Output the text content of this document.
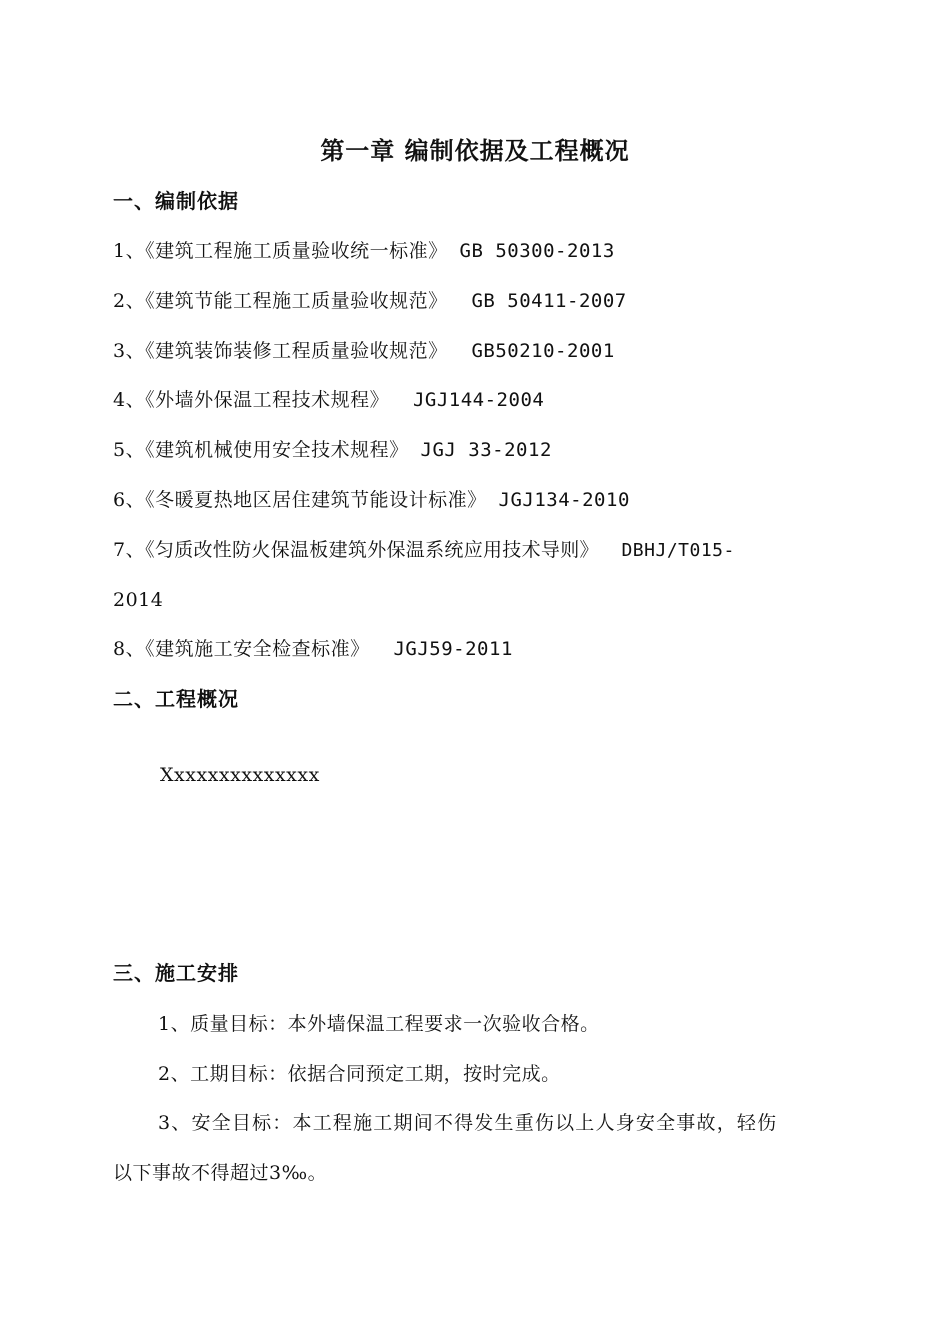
第一章 编制依据及工程概况
一、编制依据
1、《建筑工程施工质量验收统一标准》 GB 50300-2013
2、《建筑节能工程施工质量验收规范》  GB 50411-2007
3、《建筑装饰装修工程质量验收规范》  GB50210-2001
4、《外墙外保温工程技术规程》  JGJ144-2004
5、《建筑机械使用安全技术规程》 JGJ 33-2012
6、《冬暖夏热地区居住建筑节能设计标准》 JGJ134-2010
7、《匀质改性防火保温板建筑外保温系统应用技术导则》  DBHJ/T015-
2014
8、《建筑施工安全检查标准》  JGJ59-2011
二、工程概况
Xxxxxxxxxxxxxx
三、施工安排
1、质量目标：本外墙保温工程要求一次验收合格。
2、工期目标：依据合同预定工期，按时完成。
3、安全目标：本工程施工期间不得发生重伤以上人身安全事故，轻伤
以下事故不得超过3‰。
